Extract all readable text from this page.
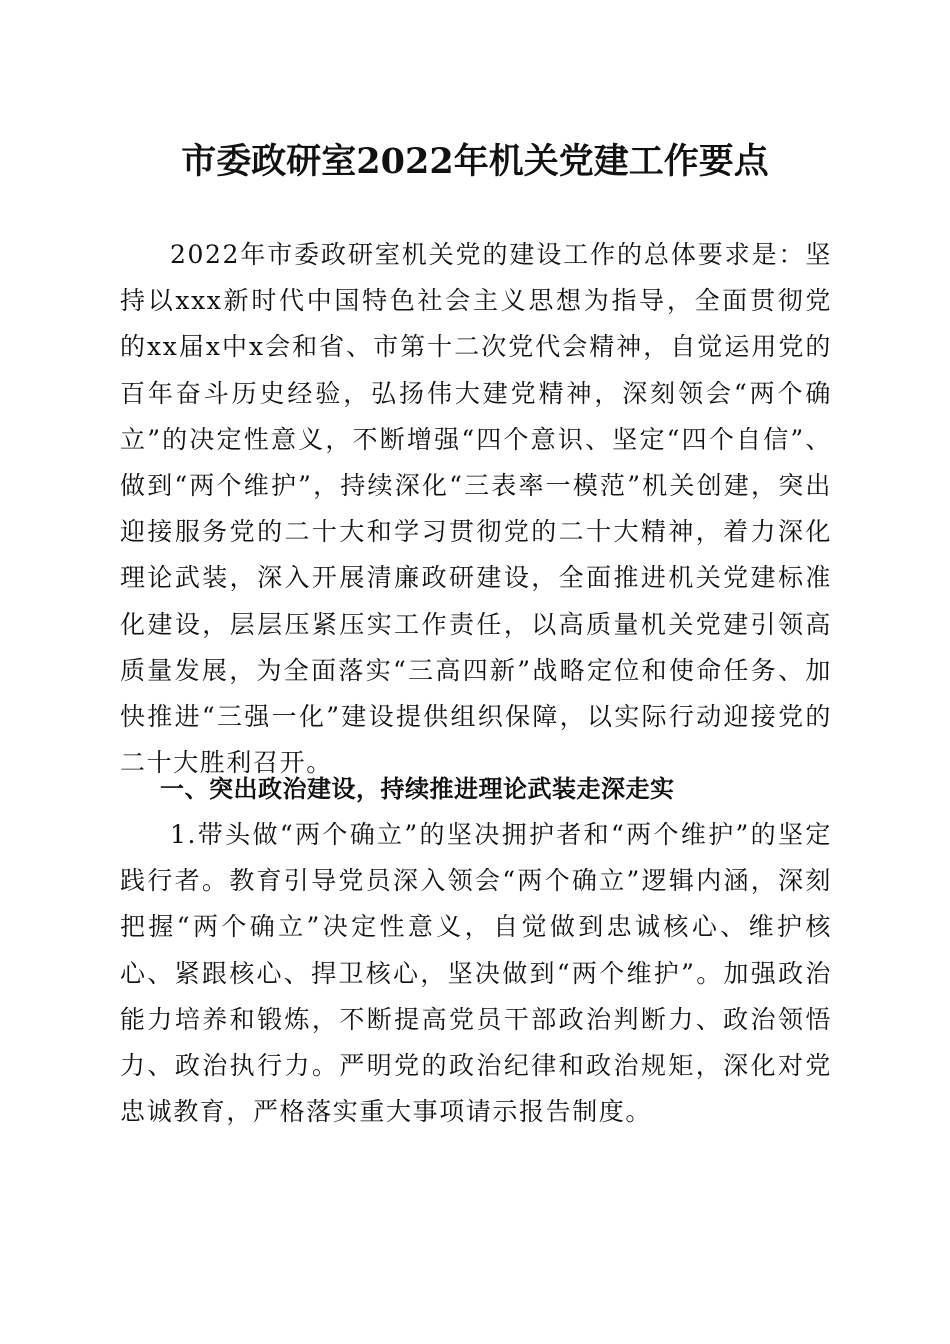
市委政研室2022年机关党建工作要点

2022年市委政研室机关党的建设工作的总体要求是：坚持以xxx新时代中国特色社会主义思想为指导，全面贯彻党的xx届x中x会和省、市第十二次党代会精神，自觉运用党的百年奋斗历史经验，弘扬伟大建党精神，深刻领会“两个确立”的决定性意义，不断增强“四个意识、坚定“四个自信”、做到“两个维护”，持续深化“三表率一模范”机关创建，突出迎接服务党的二十大和学习贯彻党的二十大精神，着力深化理论武装，深入开展清廉政研建设，全面推进机关党建标准化建设，层层压紧压实工作责任，以高质量机关党建引领高质量发展，为全面落实“三高四新”战略定位和使命任务、加快推进“三强一化”建设提供组织保障，以实际行动迎接党的二十大胜利召开。

一、突出政治建设，持续推进理论武装走深走实

1.带头做“两个确立”的坚决拥护者和“两个维护”的坚定践行者。教育引导党员深入领会“两个确立”逻辑内涵，深刻把握“两个确立”决定性意义，自觉做到忠诚核心、维护核心、紧跟核心、捍卫核心，坚决做到“两个维护”。加强政治能力培养和锻炼，不断提高党员干部政治判断力、政治领悟力、政治执行力。严明党的政治纪律和政治规矩，深化对党忠诚教育，严格落实重大事项请示报告制度。
